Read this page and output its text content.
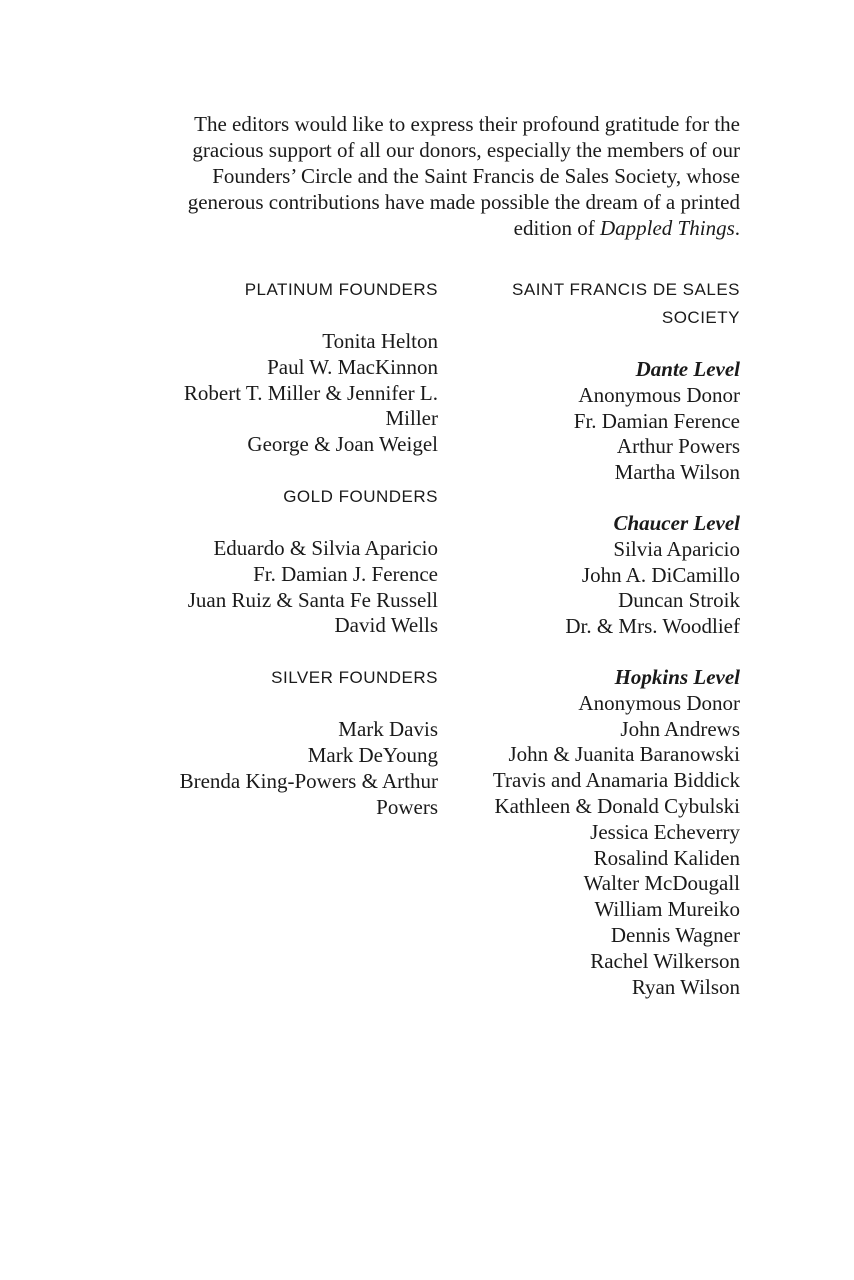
The editors would like to express their profound gratitude for the gracious support of all our donors, especially the members of our Founders’ Circle and the Saint Francis de Sales Society, whose generous contributions have made possible the dream of a printed edition of Dappled Things.

PLATINUM FOUNDERS
Tonita Helton
Paul W. MacKinnon
Robert T. Miller & Jennifer L. Miller
George & Joan Weigel
GOLD FOUNDERS
Eduardo & Silvia Aparicio
Fr. Damian J. Ference
Juan Ruiz & Santa Fe Russell
David Wells
SILVER FOUNDERS
Mark Davis
Mark DeYoung
Brenda King-Powers & Arthur Powers
SAINT FRANCIS DE SALES SOCIETY
Dante Level
Anonymous Donor
Fr. Damian Ference
Arthur Powers
Martha Wilson
Chaucer Level
Silvia Aparicio
John A. DiCamillo
Duncan Stroik
Dr. & Mrs. Woodlief
Hopkins Level
Anonymous Donor
John Andrews
John & Juanita Baranowski
Travis and Anamaria Biddick
Kathleen & Donald Cybulski
Jessica Echeverry
Rosalind Kaliden
Walter McDougall
William Mureiko
Dennis Wagner
Rachel Wilkerson
Ryan Wilson
